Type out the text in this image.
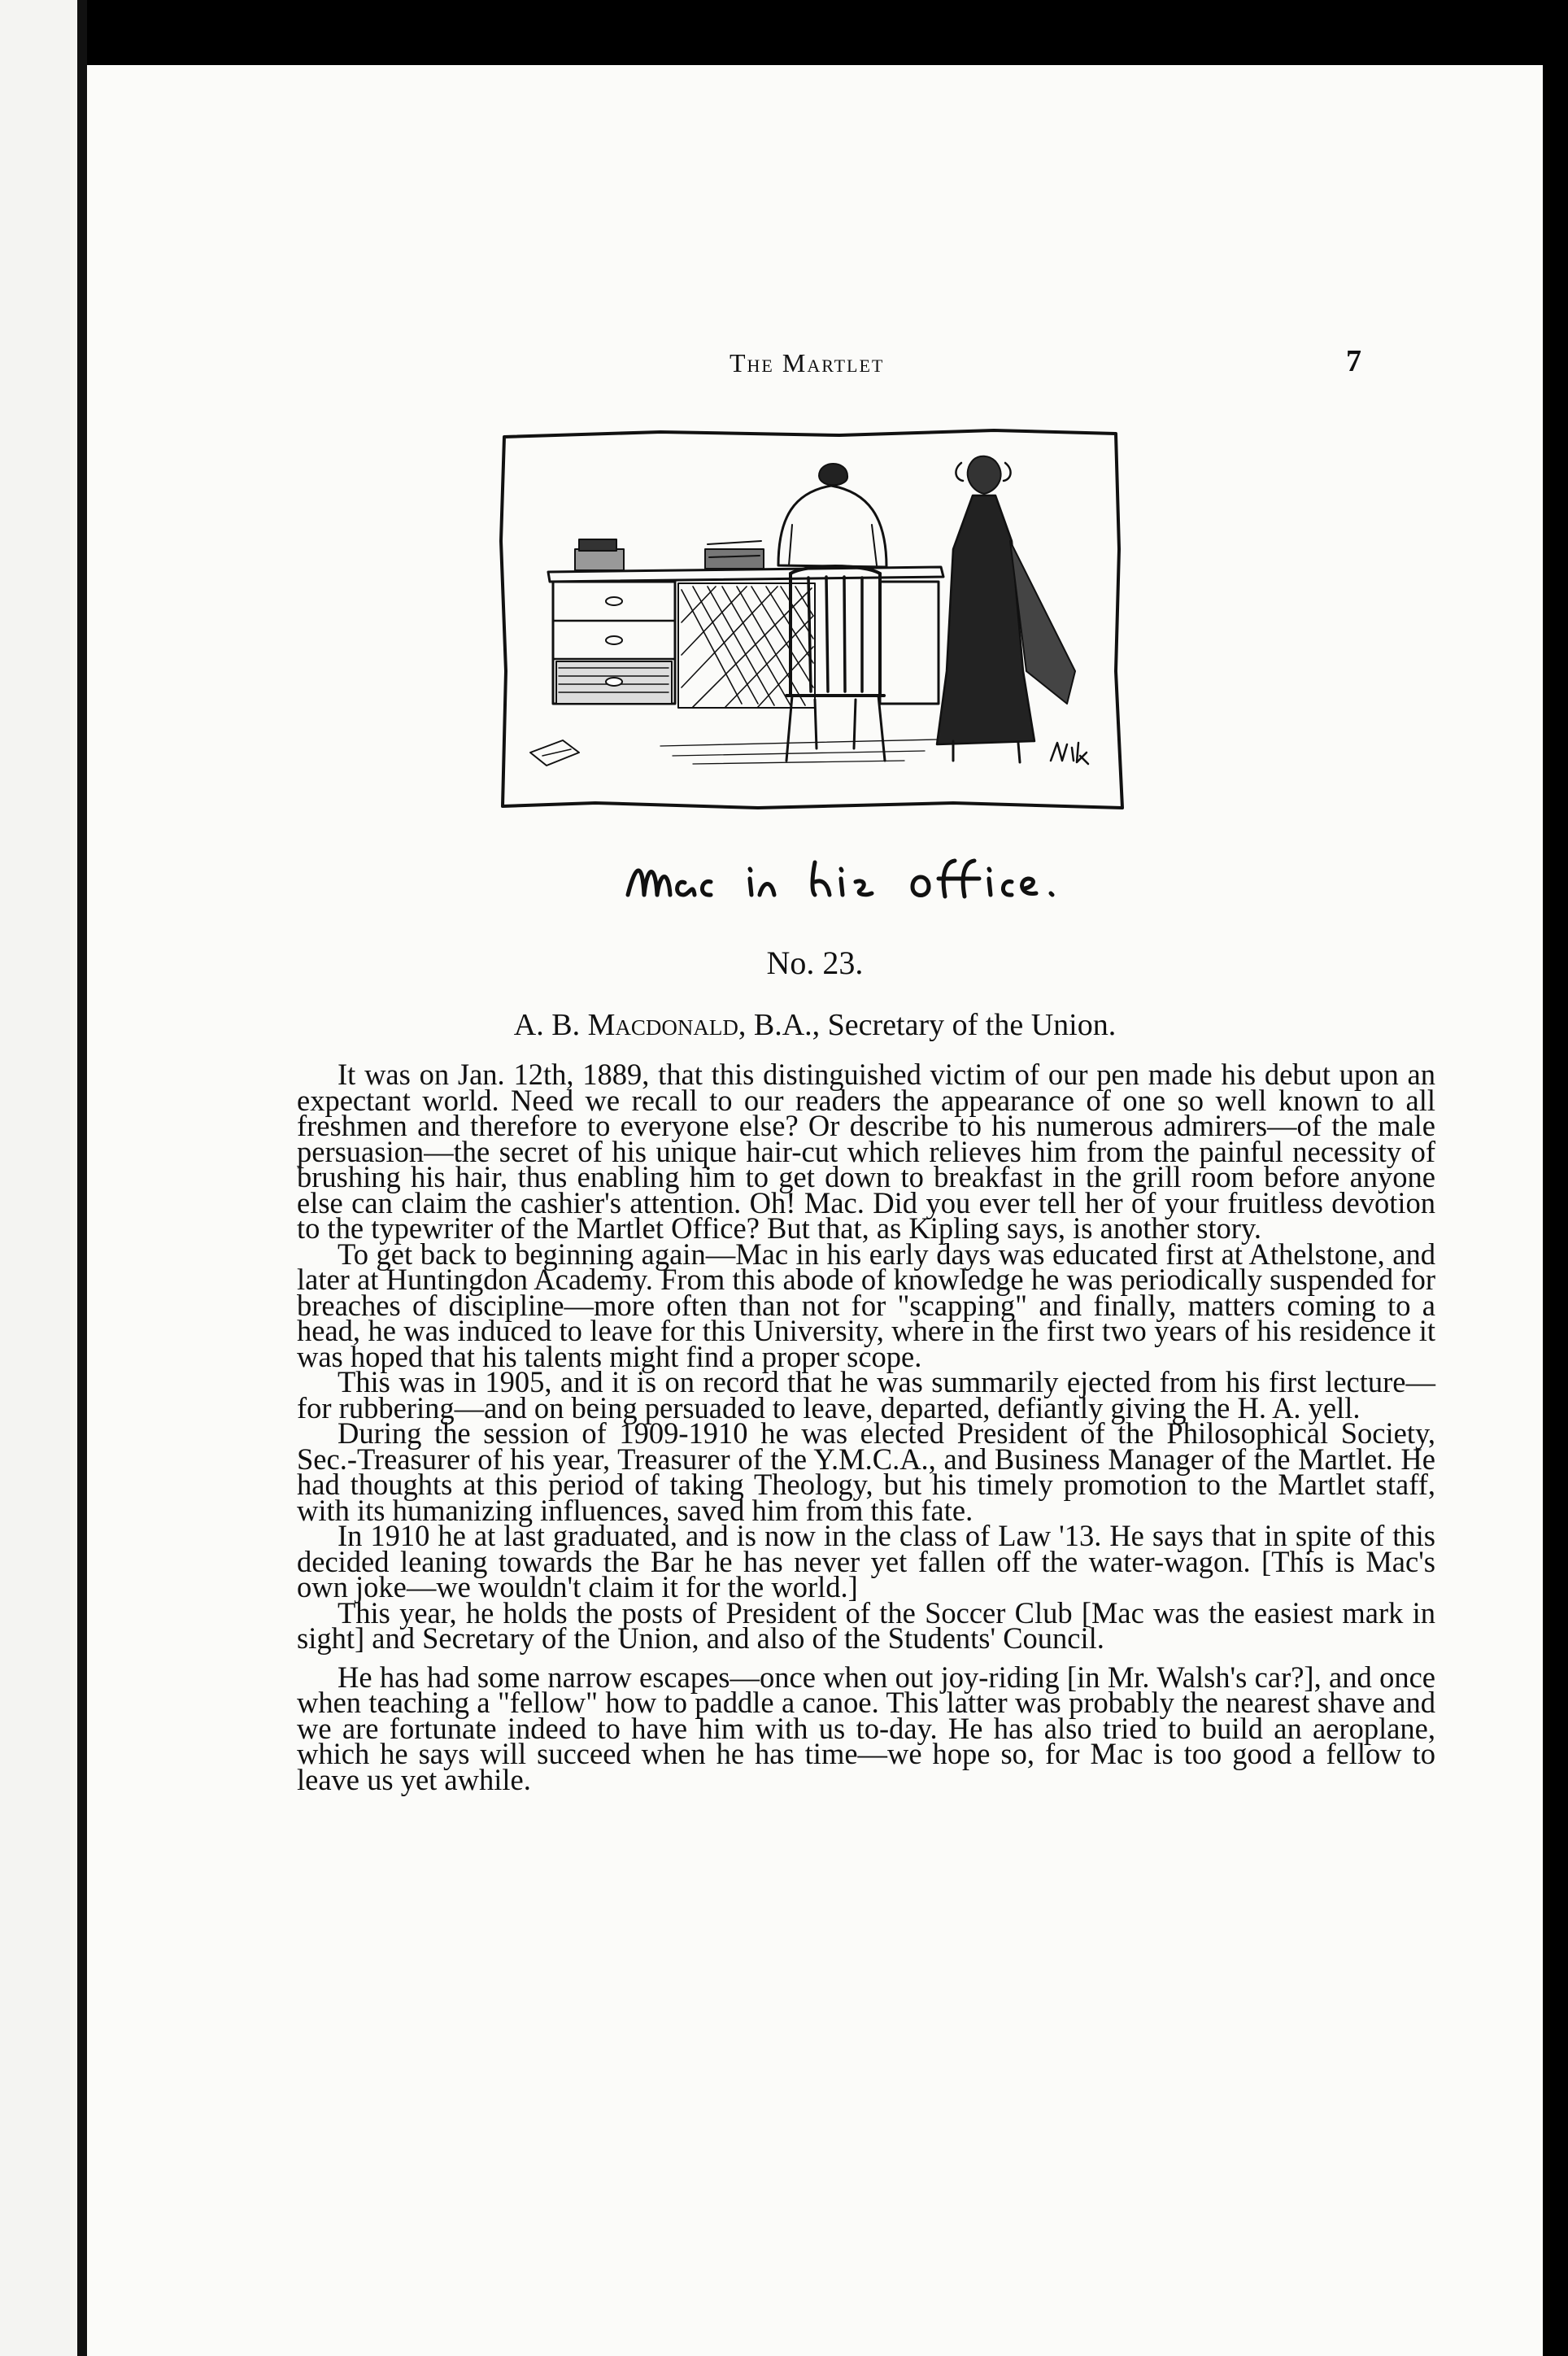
The Martlet	7
No. 23.
A. B. Macdonald, B.A., Secretary of the Union.

It was on Jan. 12th, 1889, that this distinguished victim of our pen made his debut upon an expectant world. Need we recall to our readers the appearance of one so well known to all freshmen and therefore to everyone else? Or describe to his numerous admirers—of the male persuasion—the secret of his unique hair-cut which relieves him from the painful necessity of brushing his hair, thus enabling him to get down to breakfast in the grill room before anyone else can claim the cashier's attention. Oh! Mac. Did you ever tell her of your fruitless devotion to the typewriter of the Martlet Office? But that, as Kipling says, is another story.

To get back to beginning again—Mac in his early days was educated first at Athelstone, and later at Huntingdon Academy. From this abode of knowledge he was periodically suspended for breaches of discipline—more often than not for "scapping" and finally, matters coming to a head, he was induced to leave for this University, where in the first two years of his residence it was hoped that his talents might find a proper scope.

This was in 1905, and it is on record that he was summarily ejected from his first lecture—for rubbering—and on being persuaded to leave, departed, defiantly giving the H. A. yell.

During the session of 1909-1910 he was elected President of the Philosophical Society, Sec.-Treasurer of his year, Treasurer of the Y.M.C.A., and Business Manager of the Martlet. He had thoughts at this period of taking Theology, but his timely promotion to the Martlet staff, with its humanizing influences, saved him from this fate.

In 1910 he at last graduated, and is now in the class of Law '13. He says that in spite of this decided leaning towards the Bar he has never yet fallen off the water-wagon. [This is Mac's own joke—we wouldn't claim it for the world.]

This year, he holds the posts of President of the Soccer Club [Mac was the easiest mark in sight] and Secretary of the Union, and also of the Students' Council.

He has had some narrow escapes—once when out joy-riding [in Mr. Walsh's car?], and once when teaching a "fellow" how to paddle a canoe. This latter was probably the nearest shave and we are fortunate indeed to have him with us to-day. He has also tried to build an aeroplane, which he says will succeed when he has time—we hope so, for Mac is too good a fellow to leave us yet awhile.
